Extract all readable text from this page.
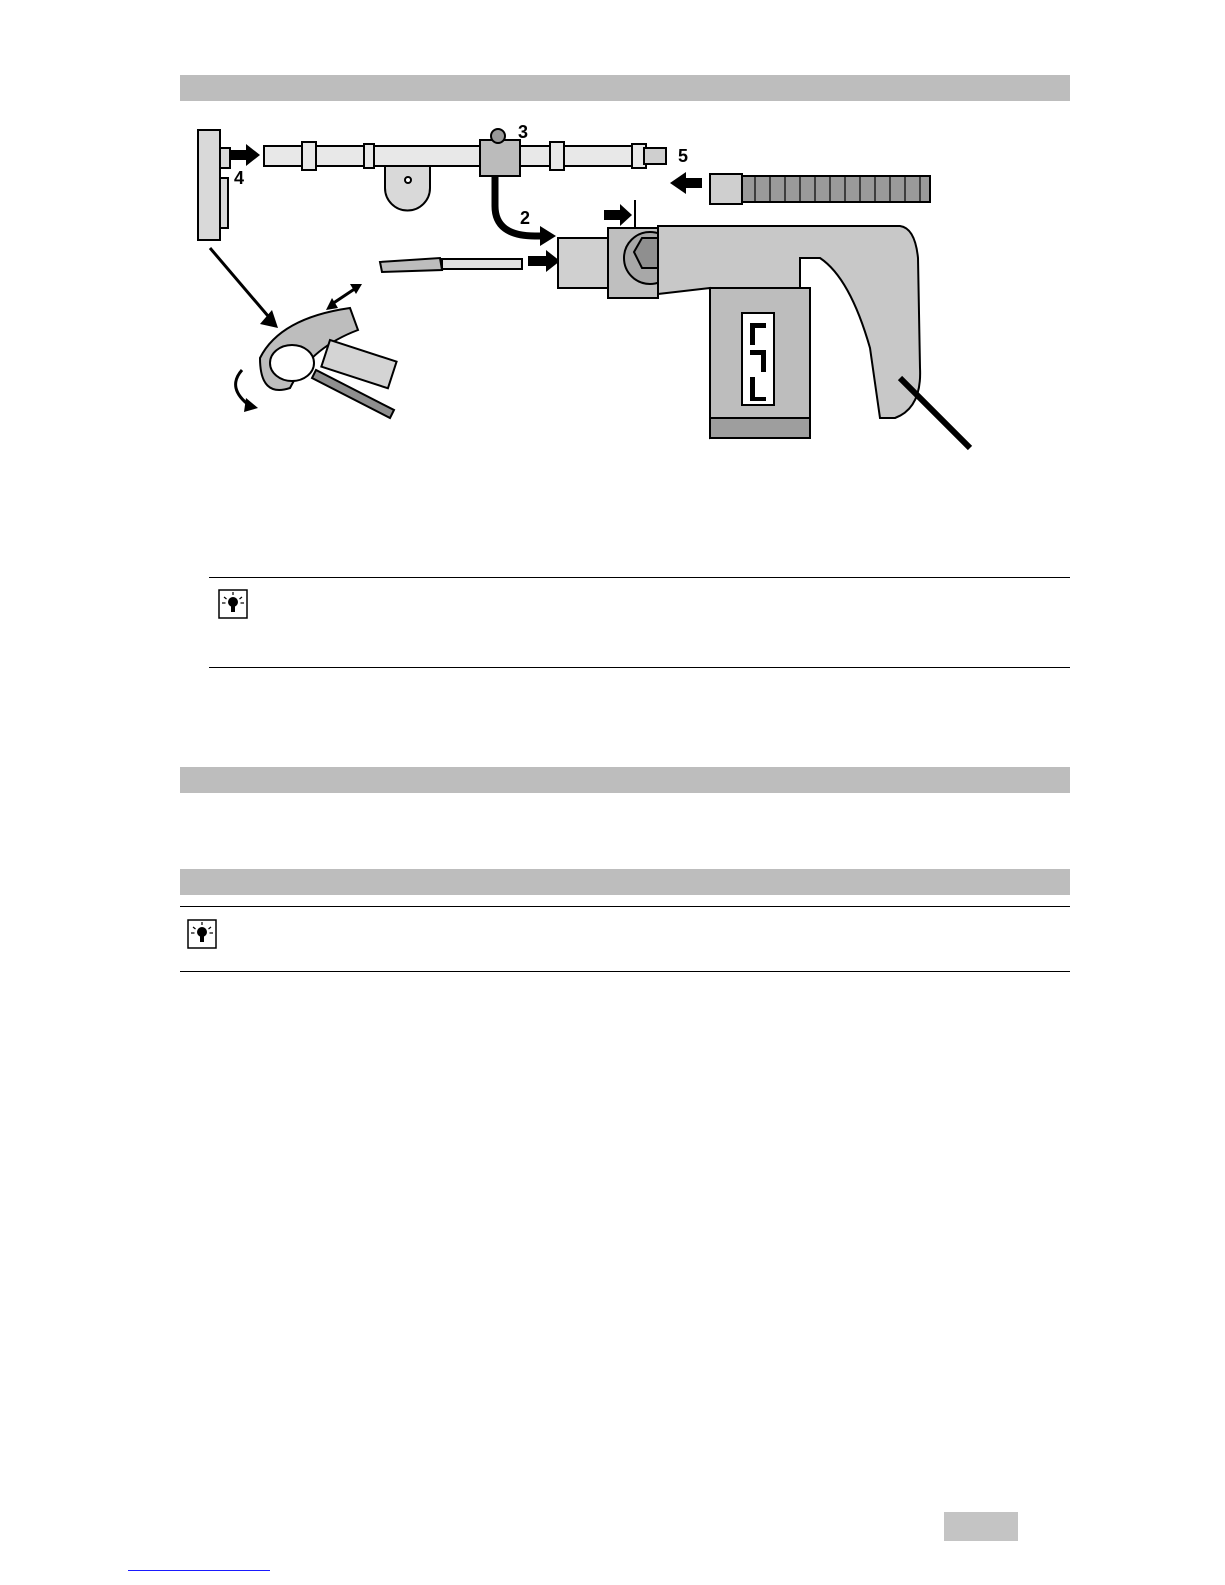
4
3
5
2
